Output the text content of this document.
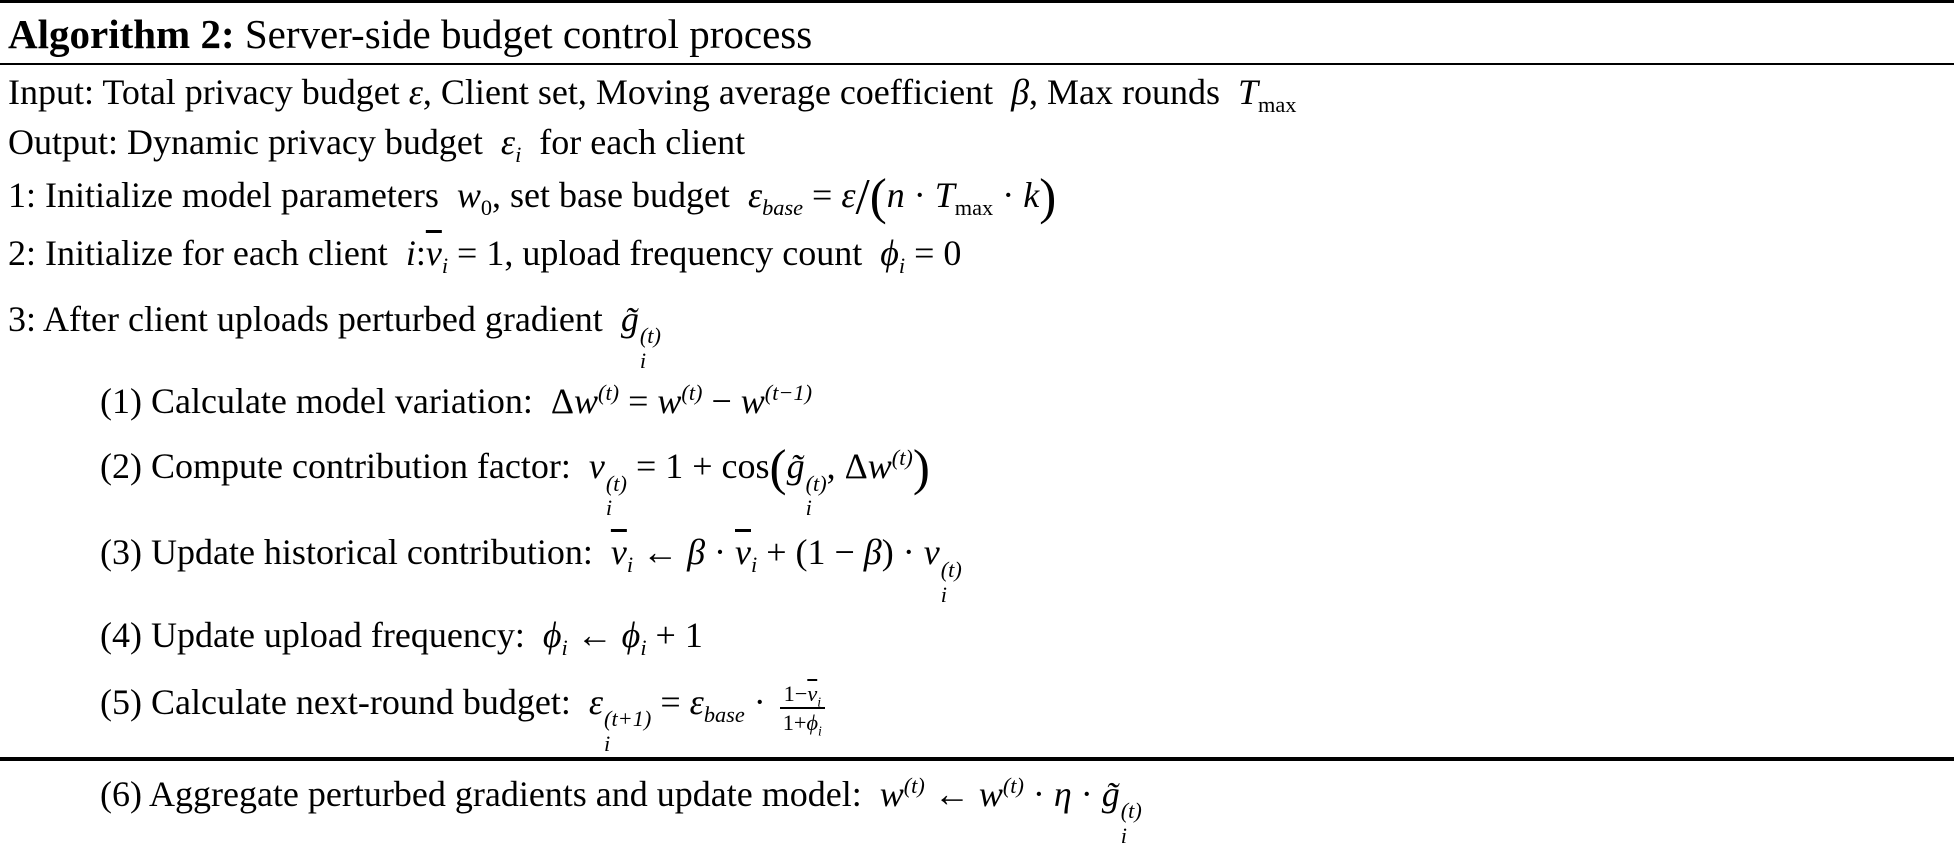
Algorithm 2: Server-side budget control process
Input: Total privacy budget ε, Client set, Moving average coefficient  β, Max rounds  $T_{max}$
Output: Dynamic privacy budget  $\varepsilon_i$  for each client
1: Initialize model parameters  $w_0$, set base budget  $\varepsilon_{base} = \varepsilon/(n \cdot T_{max} \cdot k)$
2: Initialize for each client  $i:\overline{v}_i = 1$, upload frequency count  $\phi_i = 0$
3: After client uploads perturbed gradient  g̃ (t)
i
(1) Calculate model variation:  $\Delta w^{(t)} = w^{(t)} - w^{(t-1)}$
(2) Compute contribution factor:  v (t)
i
= 1 + cos(g̃ (t)
i
, $\Delta w^{(t)}$)
(3) Update historical contribution:  $\overline{v}_i$ ← $\beta \cdot \overline{v}_i + (1 - \beta) \cdot v$ (t)
i
(4) Update upload frequency:  $\phi_i$ ← $\phi_i + 1$
(5) Calculate next-round budget:  ε (t+1)
i
= $\varepsilon_{base} \cdot \frac{1-\overline{v}_i}{1+\phi_i}$
(6) Aggregate perturbed gradients and update model:  $w^{(t)}$ ← $w^{(t)} \cdot \eta$ · g̃ (t)
i
